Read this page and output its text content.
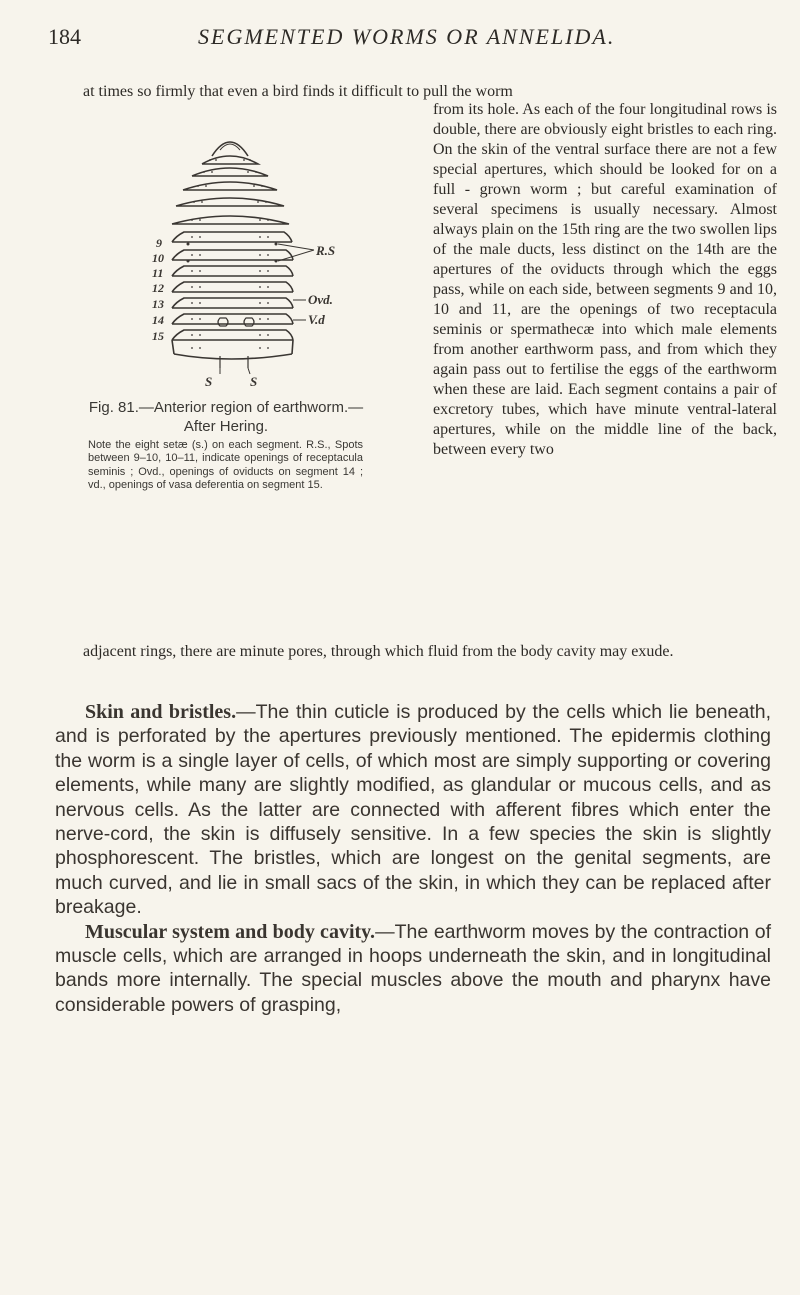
184	SEGMENTED WORMS OR ANNELIDA.
at times so firmly that even a bird finds it difficult to pull the worm
from its hole. As each of the four longitudinal rows is double, there are obviously eight bristles to each ring. On the skin of the ventral surface there are not a few special apertures, which should be looked for on a full - grown worm ; but careful examination of several specimens is usually necessary. Almost always plain on the 15th ring are the two swollen lips of the male ducts, less distinct on the 14th are the apertures of the oviducts through which the eggs pass, while on each side, between segments 9 and 10, 10 and 11, are the openings of two receptacula seminis or spermathecæ into which male elements from another earthworm pass, and from which they again pass out to fertilise the eggs of the earthworm when these are laid. Each segment contains a pair of excretory tubes, which have minute ventral-lateral apertures, while on the middle line of the back, between every two
9
10
11
12
13
14
15
R.S
Ovd.
V.d
S	S
Fig. 81.—Anterior region of earthworm.—After Hering.
Note the eight setæ (s.) on each segment. R.S., Spots between 9–10, 10–11, indicate openings of receptacula seminis ; Ovd., openings of oviducts on segment 14 ; vd., openings of vasa deferentia on segment 15.
adjacent rings, there are minute pores, through which fluid from the body cavity may exude.

Skin and bristles.—The thin cuticle is produced by the cells which lie beneath, and is perforated by the apertures previously mentioned. The epidermis clothing the worm is a single layer of cells, of which most are simply supporting or covering elements, while many are slightly modified, as glandular or mucous cells, and as nervous cells. As the latter are connected with afferent fibres which enter the nerve-cord, the skin is diffusely sensitive. In a few species the skin is slightly phosphorescent. The bristles, which are longest on the genital segments, are much curved, and lie in small sacs of the skin, in which they can be replaced after breakage.

Muscular system and body cavity.—The earthworm moves by the contraction of muscle cells, which are arranged in hoops underneath the skin, and in longitudinal bands more internally. The special muscles above the mouth and pharynx have considerable powers of grasping,
